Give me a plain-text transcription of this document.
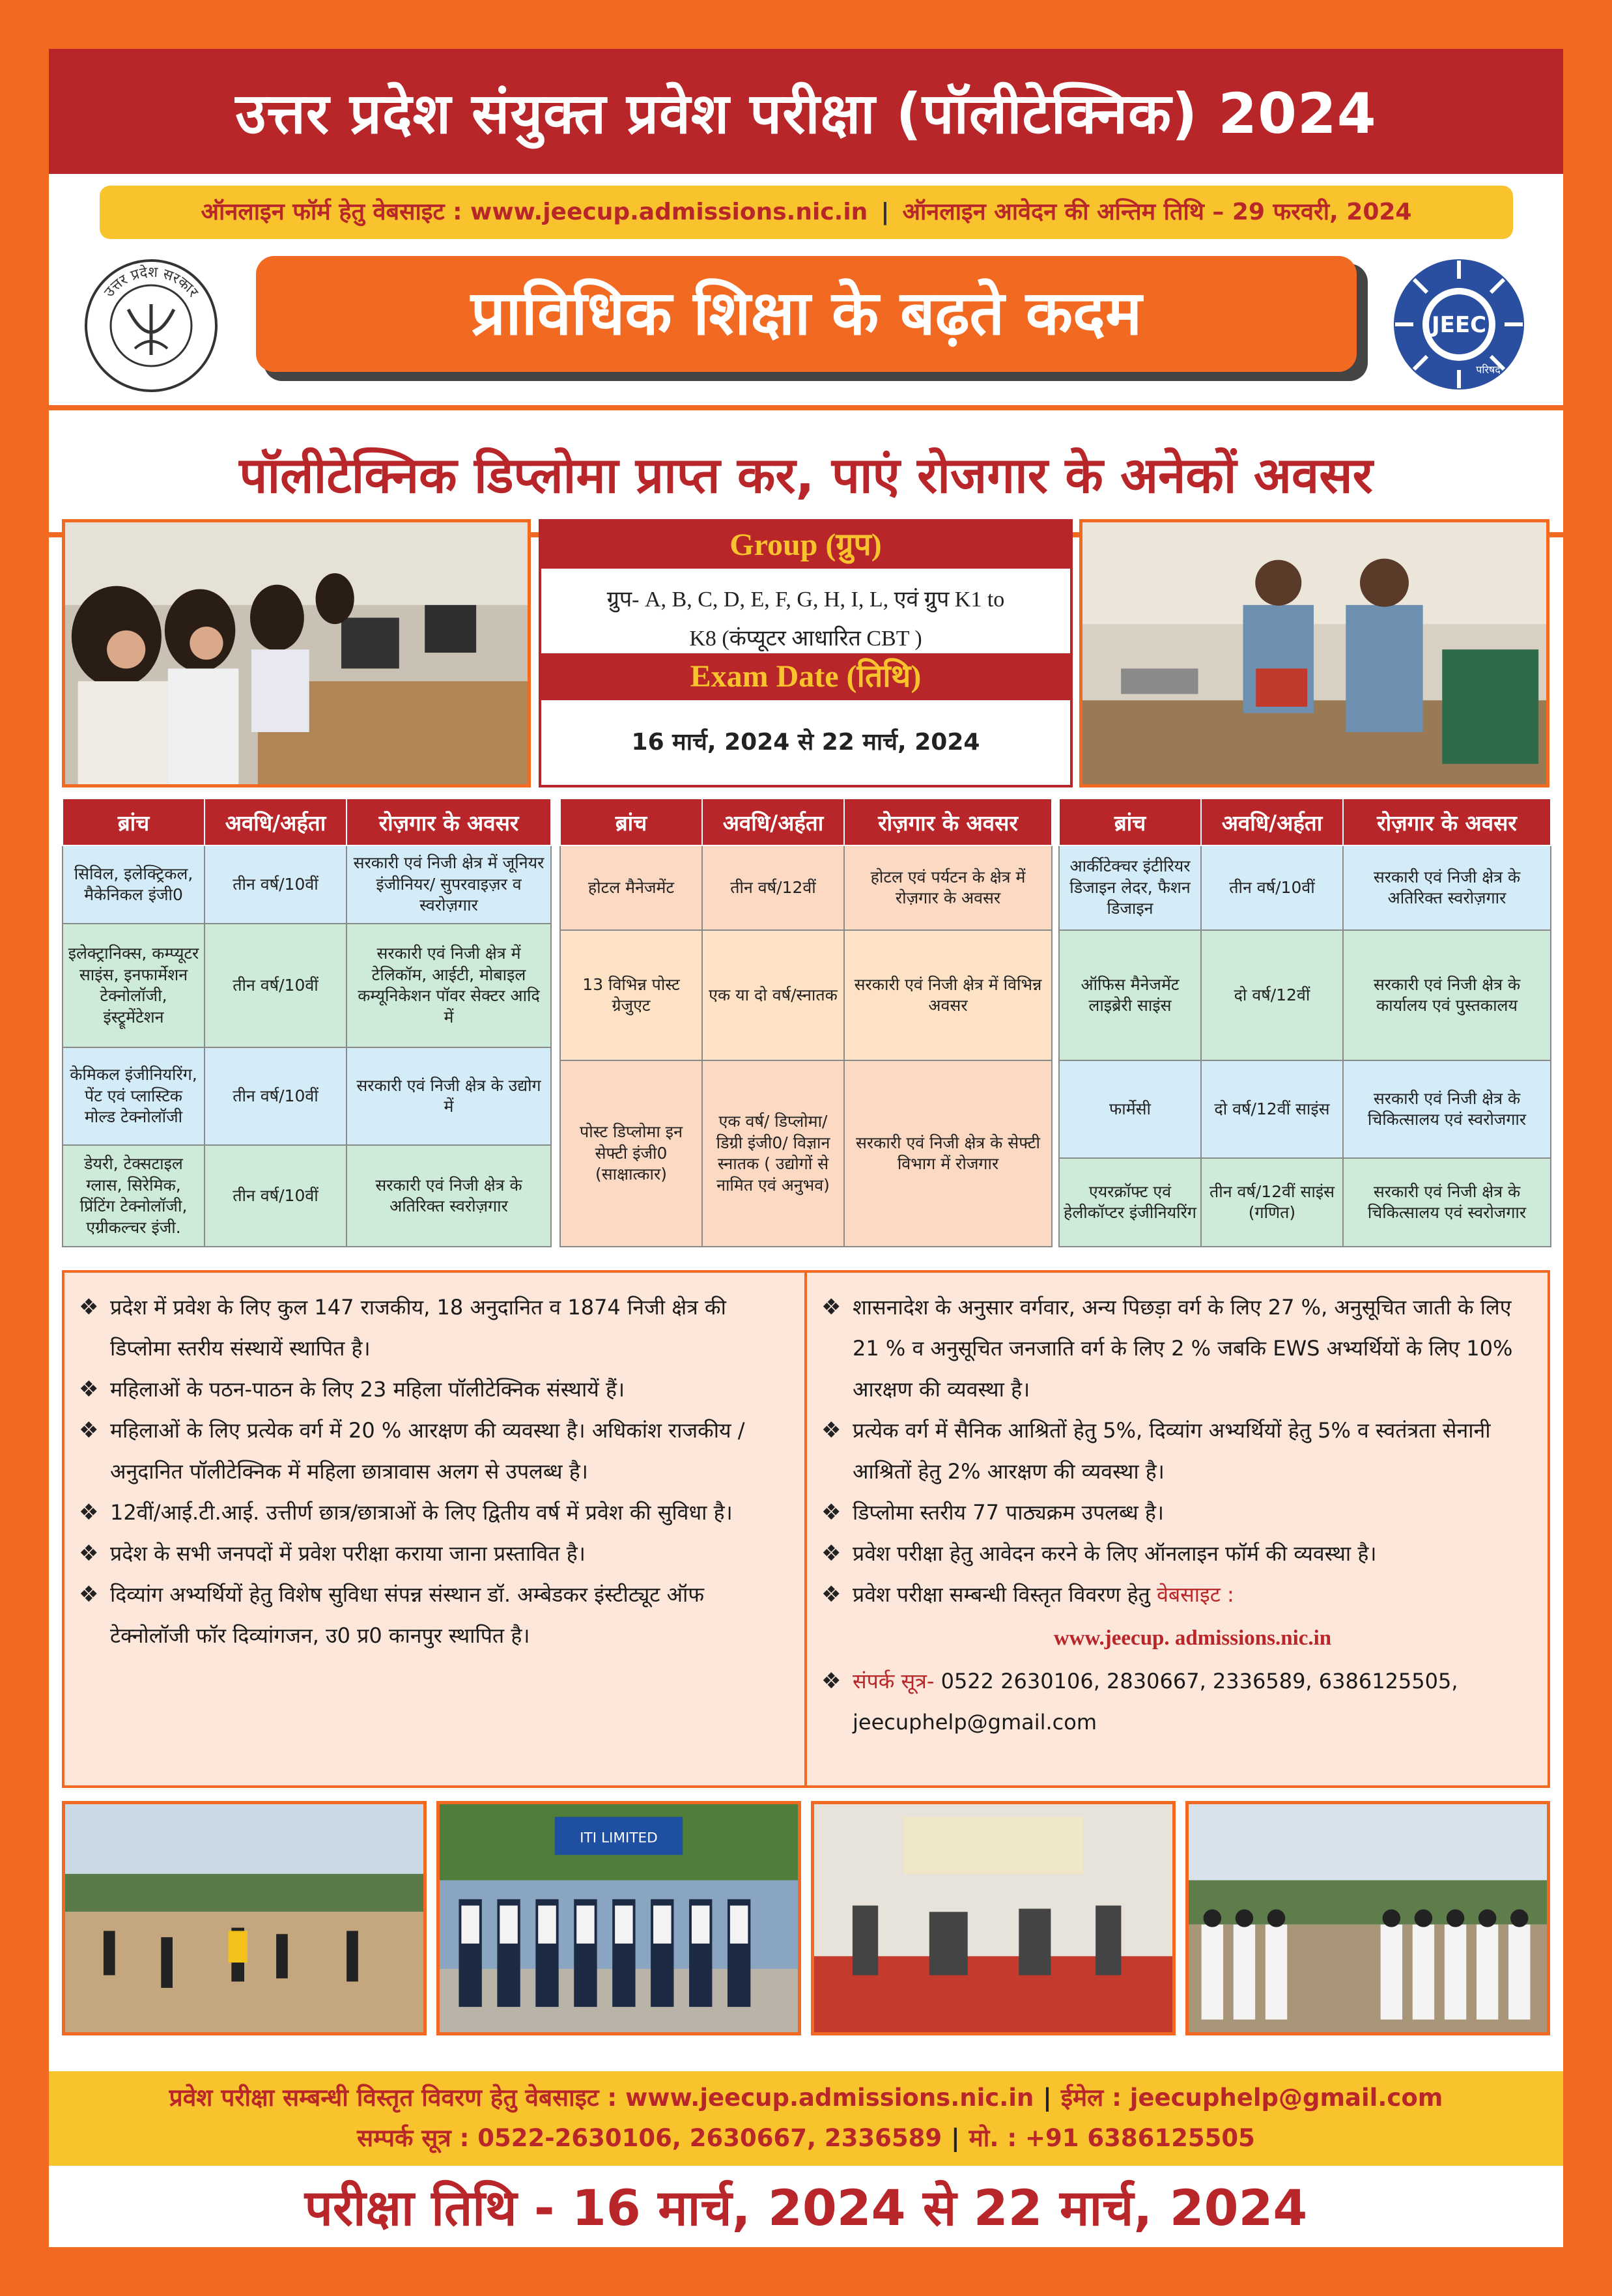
उत्तर प्रदेश संयुक्त प्रवेश परीक्षा (पॉलीटेक्निक) 2024
ऑनलाइन फॉर्म हेतु वेबसाइट : www.jeecup.admissions.nic.in | ऑनलाइन आवेदन की अन्तिम तिथि – 29 फरवरी, 2024
उत्तर प्रदेश सरकार	प्राविधिक शिक्षा के बढ़ते कदम	JEEC
परिषद
पॉलीटेक्निक डिप्लोमा प्राप्त कर, पाएं रोजगार के अनेकों अवसर
Group (ग्रुप)
ग्रुप- A, B, C, D, E, F, G, H, I, L, एवं ग्रुप K1 to
K8 (कंप्यूटर आधारित CBT )
Exam Date (तिथि)
16 मार्च, 2024 से 22 मार्च, 2024
ब्रांच	अवधि/अर्हता	रोज़गार के अवसर
सिविल, इलेक्ट्रिकल, मैकेनिकल इंजी0	तीन वर्ष/10वीं	सरकारी एवं निजी क्षेत्र में जूनियर इंजीनियर/ सुपरवाइज़र व स्वरोज़गार
इलेक्ट्रानिक्स, कम्प्यूटर साइंस, इनफार्मेशन टेक्नोलॉजी, इंस्ट्रूमेंटेशन	तीन वर्ष/10वीं	सरकारी एवं निजी क्षेत्र में टेलिकॉम, आईटी, मोबाइल कम्यूनिकेशन पॉवर सेक्टर आदि में
केमिकल इंजीनियरिंग, पेंट एवं प्लास्टिक मोल्ड टेक्नोलॉजी	तीन वर्ष/10वीं	सरकारी एवं निजी क्षेत्र के उद्योग में
डेयरी, टेक्सटाइल ग्लास, सिरेमिक, प्रिंटिंग टेक्नोलॉजी, एग्रीकल्चर इंजी.	तीन वर्ष/10वीं	सरकारी एवं निजी क्षेत्र के अतिरिक्त स्वरोज़गार
ब्रांच	अवधि/अर्हता	रोज़गार के अवसर
होटल मैनेजमेंट	तीन वर्ष/12वीं	होटल एवं पर्यटन के क्षेत्र में रोज़गार के अवसर
13 विभिन्न पोस्ट ग्रेजुएट	एक या दो वर्ष/स्नातक	सरकारी एवं निजी क्षेत्र में विभिन्न अवसर
पोस्ट डिप्लोमा इन सेफ्टी इंजी0 (साक्षात्कार)	एक वर्ष/ डिप्लोमा/ डिग्री इंजी0/ विज्ञान स्नातक ( उद्योगों से नामित एवं अनुभव)	सरकारी एवं निजी क्षेत्र के सेफ्टी विभाग में रोजगार
ब्रांच	अवधि/अर्हता	रोज़गार के अवसर
आर्कीटेक्चर इंटीरियर डिजाइन लेदर, फैशन डिजाइन	तीन वर्ष/10वीं	सरकारी एवं निजी क्षेत्र के अतिरिक्त स्वरोज़गार
ऑफिस मैनेजमेंट लाइब्रेरी साइंस	दो वर्ष/12वीं	सरकारी एवं निजी क्षेत्र के कार्यालय एवं पुस्तकालय
फार्मेसी	दो वर्ष/12वीं साइंस	सरकारी एवं निजी क्षेत्र के चिकित्सालय एवं स्वरोजगार
एयरक्रॉफ्ट एवं हेलीकॉप्टर इंजीनियरिंग	तीन वर्ष/12वीं साइंस (गणित)	सरकारी एवं निजी क्षेत्र के चिकित्सालय एवं स्वरोजगार
❖ प्रदेश में प्रवेश के लिए कुल 147 राजकीय, 18 अनुदानित व 1874 निजी क्षेत्र की डिप्लोमा स्तरीय संस्थायें स्थापित है।
❖ महिलाओं के पठन-पाठन के लिए 23 महिला पॉलीटेक्निक संस्थायें हैं।
❖ महिलाओं के लिए प्रत्येक वर्ग में 20 % आरक्षण की व्यवस्था है। अधिकांश राजकीय / अनुदानित पॉलीटेक्निक में महिला छात्रावास अलग से उपलब्ध है।
❖ 12वीं/आई.टी.आई. उत्तीर्ण छात्र/छात्राओं के लिए द्वितीय वर्ष में प्रवेश की सुविधा है।
❖ प्रदेश के सभी जनपदों में प्रवेश परीक्षा कराया जाना प्रस्तावित है।
❖ दिव्यांग अभ्यर्थियों हेतु विशेष सुविधा संपन्न संस्थान डॉ. अम्बेडकर इंस्टीट्यूट ऑफ टेक्नोलॉजी फॉर दिव्यांगजन, उ0 प्र0 कानपुर स्थापित है।
❖ शासनादेश के अनुसार वर्गवार, अन्य पिछड़ा वर्ग के लिए 27 %, अनुसूचित जाती के लिए 21 % व अनुसूचित जनजाति वर्ग के लिए 2 % जबकि EWS अभ्यर्थियों के लिए 10% आरक्षण की व्यवस्था है।
❖ प्रत्येक वर्ग में सैनिक आश्रितों हेतु 5%, दिव्यांग अभ्यर्थियों हेतु 5% व स्वतंत्रता सेनानी आश्रितों हेतु 2% आरक्षण की व्यवस्था है।
❖ डिप्लोमा स्तरीय 77 पाठ्यक्रम उपलब्ध है।
❖ प्रवेश परीक्षा हेतु आवेदन करने के लिए ऑनलाइन फॉर्म की व्यवस्था है।
❖ प्रवेश परीक्षा सम्बन्धी विस्तृत विवरण हेतु वेबसाइट :
www.jeecup. admissions.nic.in
❖ संपर्क सूत्र- 0522 2630106, 2830667, 2336589, 6386125505,
jeecuphelp@gmail.com
ITI LIMITED
प्रवेश परीक्षा सम्बन्धी विस्तृत विवरण हेतु वेबसाइट : www.jeecup.admissions.nic.in | ईमेल : jeecuphelp@gmail.com
सम्पर्क सूत्र : 0522-2630106, 2630667, 2336589 | मो. : +91 6386125505
परीक्षा तिथि - 16 मार्च, 2024 से 22 मार्च, 2024
